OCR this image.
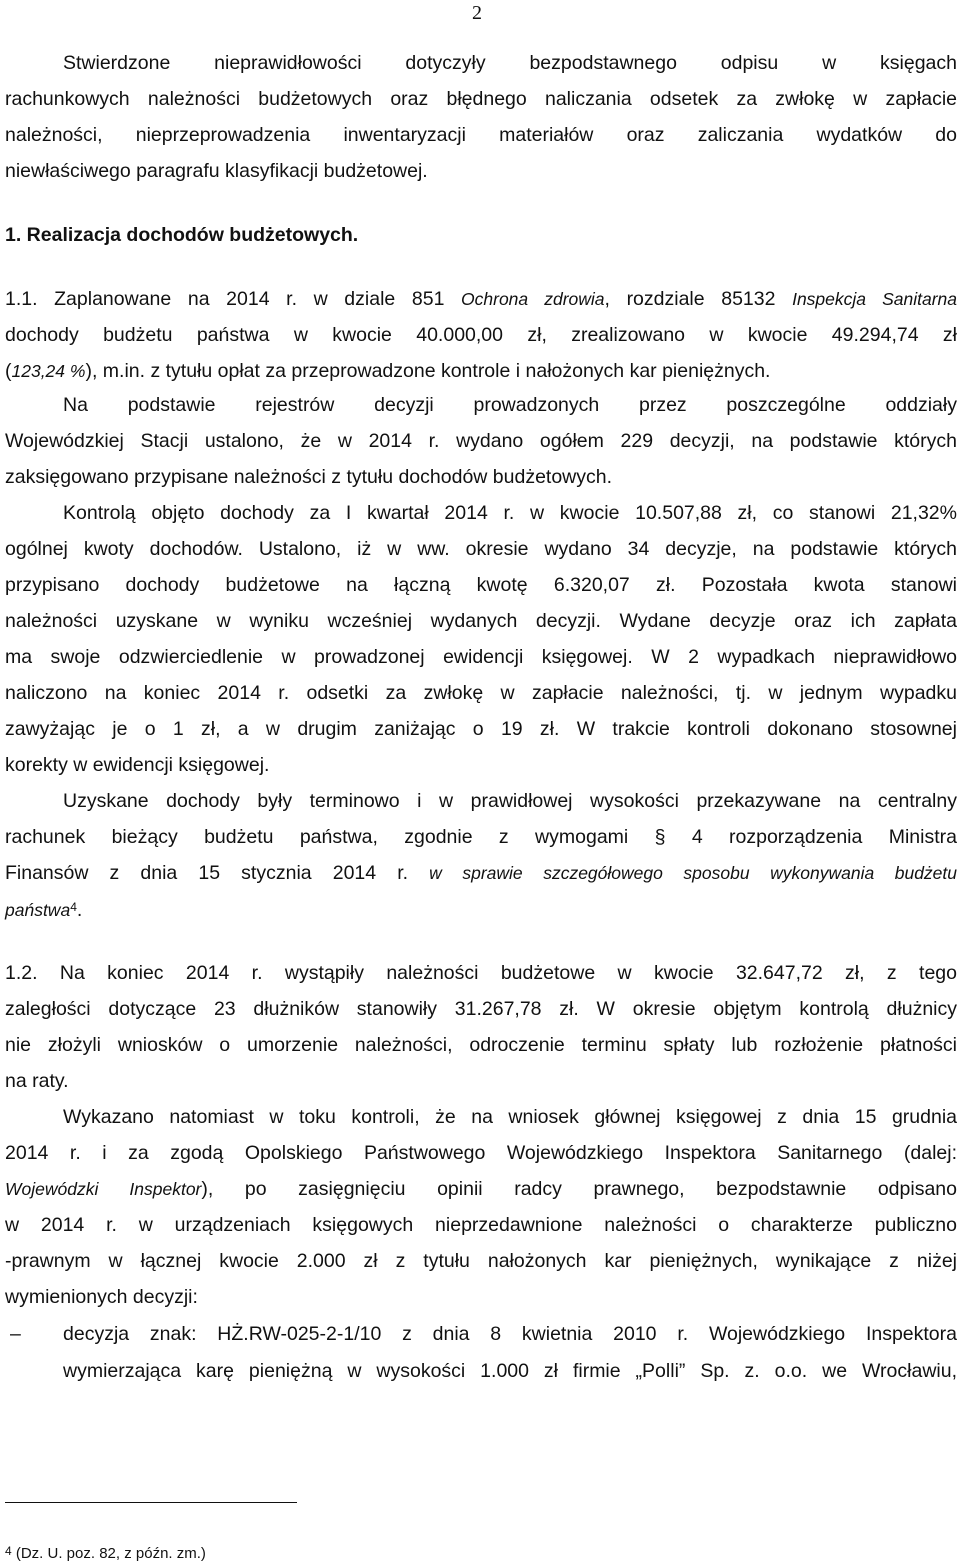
2
Stwierdzone nieprawidłowości dotyczyły bezpodstawnego odpisu w księgach
rachunkowych należności budżetowych oraz błędnego naliczania odsetek za zwłokę w zapłacie
należności, nieprzeprowadzenia inwentaryzacji materiałów oraz zaliczania wydatków do
niewłaściwego paragrafu klasyfikacji budżetowej.
1. Realizacja dochodów budżetowych.
1.1. Zaplanowane na 2014 r. w dziale 851 Ochrona zdrowia, rozdziale 85132 Inspekcja Sanitarna
dochody budżetu państwa w kwocie 40.000,00 zł, zrealizowano w kwocie 49.294,74 zł
(123,24 %), m.in. z tytułu opłat za przeprowadzone kontrole i nałożonych kar pieniężnych.
Na podstawie rejestrów decyzji prowadzonych przez poszczególne oddziały
Wojewódzkiej Stacji ustalono, że w 2014 r. wydano ogółem 229 decyzji, na podstawie których
zaksięgowano przypisane należności z tytułu dochodów budżetowych.
Kontrolą objęto dochody za I kwartał 2014 r. w kwocie 10.507,88 zł, co stanowi 21,32%
ogólnej kwoty dochodów. Ustalono, iż w ww. okresie wydano 34 decyzje, na podstawie których
przypisano dochody budżetowe na łączną kwotę 6.320,07 zł. Pozostała kwota stanowi
należności uzyskane w wyniku wcześniej wydanych decyzji. Wydane decyzje oraz ich zapłata
ma swoje odzwierciedlenie w prowadzonej ewidencji księgowej. W 2 wypadkach nieprawidłowo
naliczono na koniec 2014 r. odsetki za zwłokę w zapłacie należności, tj. w jednym wypadku
zawyżając je o 1 zł, a w drugim zaniżając o 19 zł. W trakcie kontroli dokonano stosownej
korekty w ewidencji księgowej.
Uzyskane dochody były terminowo i w prawidłowej wysokości przekazywane na centralny
rachunek bieżący budżetu państwa, zgodnie z wymogami § 4 rozporządzenia Ministra
Finansów z dnia 15 stycznia 2014 r. w sprawie szczegółowego sposobu wykonywania budżetu
państwa$^4$.
1.2. Na koniec 2014 r. wystąpiły należności budżetowe w kwocie 32.647,72 zł, z tego
zaległości dotyczące 23 dłużników stanowiły 31.267,78 zł. W okresie objętym kontrolą dłużnicy
nie złożyli wniosków o umorzenie należności, odroczenie terminu spłaty lub rozłożenie płatności
na raty.
Wykazano natomiast w toku kontroli, że na wniosek głównej księgowej z dnia 15 grudnia
2014 r. i za zgodą Opolskiego Państwowego Wojewódzkiego Inspektora Sanitarnego (dalej:
Wojewódzki Inspektor), po zasięgnięciu opinii radcy prawnego, bezpodstawnie odpisano
w 2014 r. w urządzeniach księgowych nieprzedawnione należności o charakterze publiczno
-prawnym w łącznej kwocie 2.000 zł z tytułu nałożonych kar pieniężnych, wynikające z niżej
wymienionych decyzji:
– decyzja znak: HŻ.RW-025-2-1/10 z dnia 8 kwietnia 2010 r. Wojewódzkiego Inspektora
wymierzająca karę pieniężną w wysokości 1.000 zł firmie „Polli” Sp. z. o.o. we Wrocławiu,
$^4$ (Dz. U. poz. 82, z późn. zm.)
